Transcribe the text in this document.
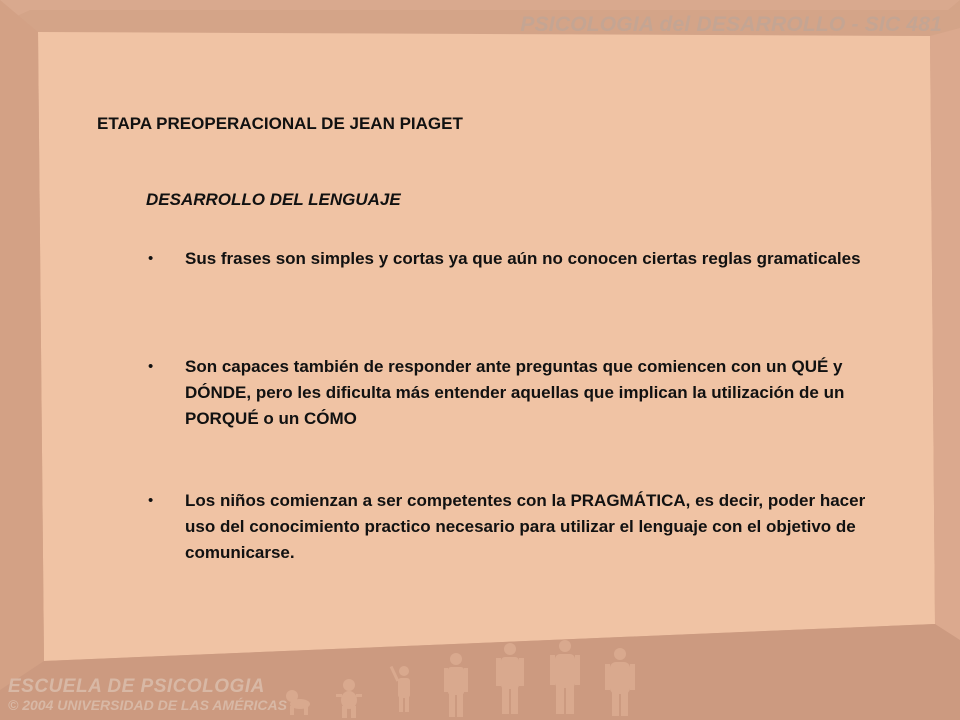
PSICOLOGIA del DESARROLLO - SIC 481
ETAPA PREOPERACIONAL DE JEAN PIAGET
DESARROLLO DEL LENGUAJE
• Sus frases son simples y cortas ya que aún no conocen ciertas reglas gramaticales
• Son capaces también de responder ante preguntas que comiencen con un QUÉ y DÓNDE, pero les dificulta más entender aquellas que implican la utilización de un PORQUÉ o un CÓMO
• Los niños comienzan a ser competentes con la PRAGMÁTICA, es decir, poder hacer uso del conocimiento practico necesario para utilizar el lenguaje con el objetivo de comunicarse.
ESCUELA DE PSICOLOGIA
© 2004 UNIVERSIDAD DE LAS AMÉRICAS
